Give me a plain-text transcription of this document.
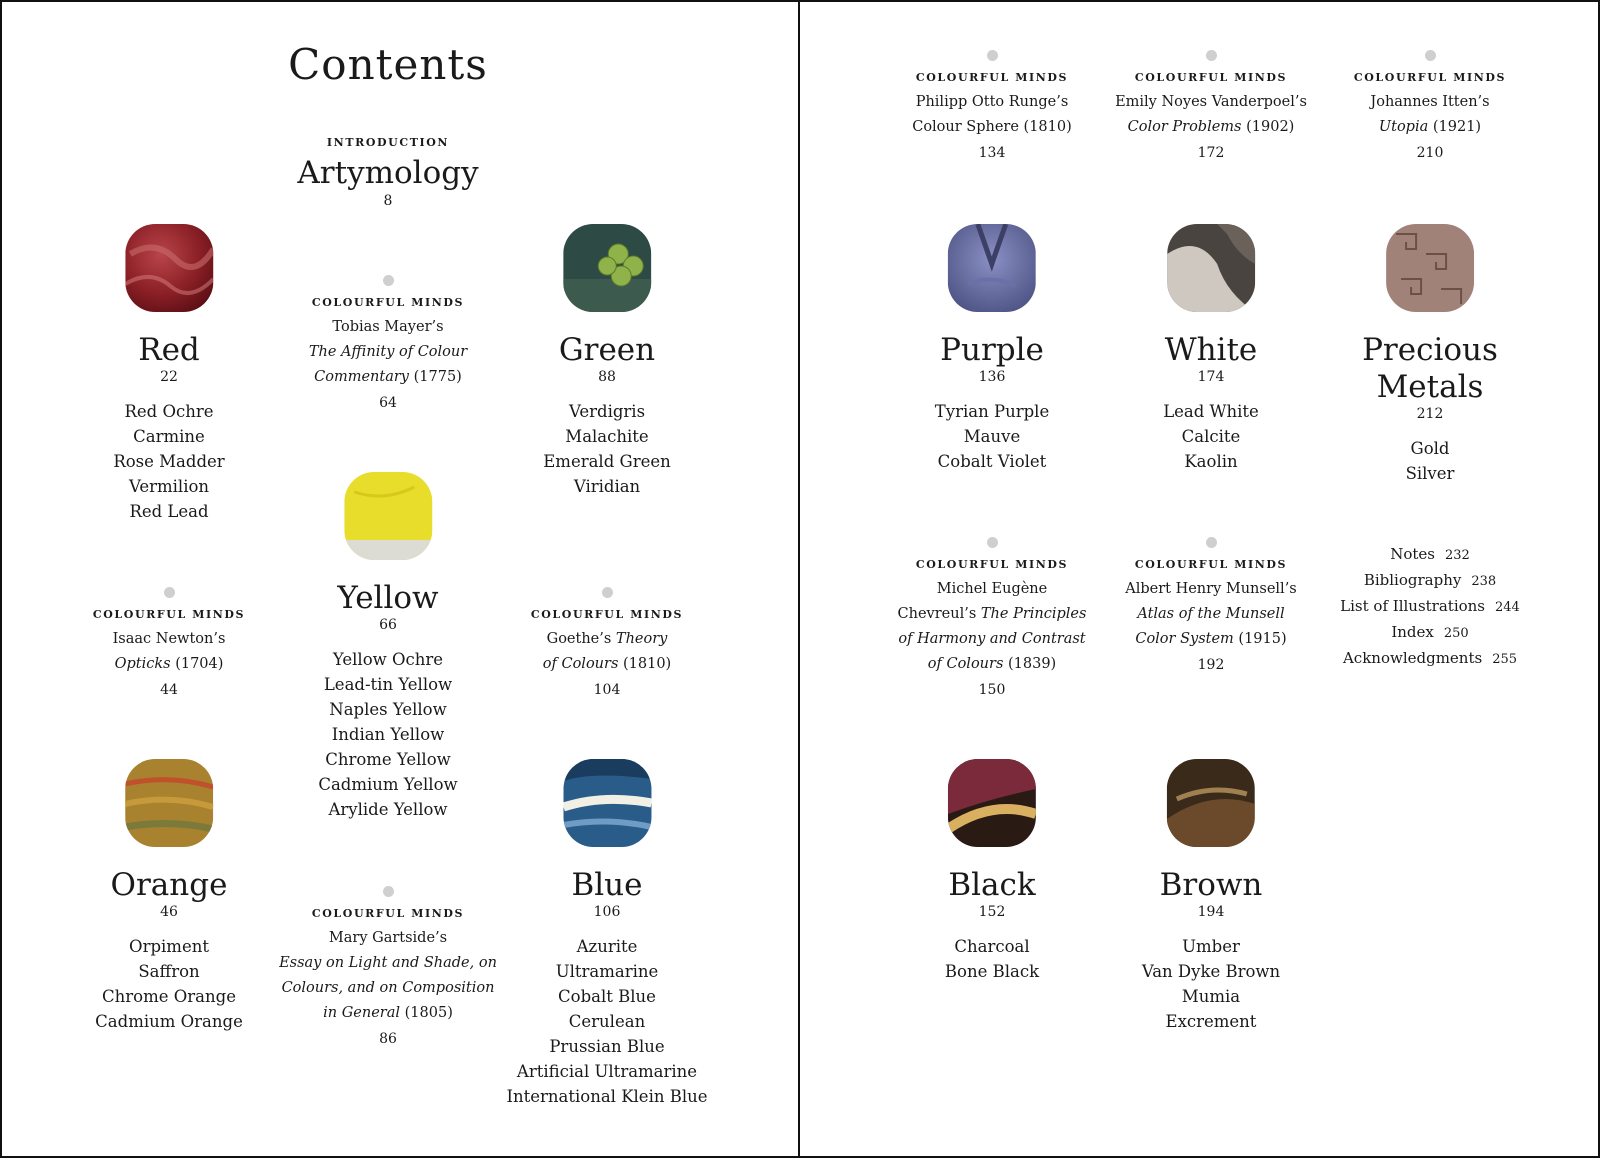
Contents
INTRODUCTION
Artymology
8
Red
22
Red Ochre
Carmine
Rose Madder
Vermilion
Red Lead
Green
88
Verdigris
Malachite
Emerald Green
Viridian
COLOURFUL MINDS
Tobias Mayer’s
The Affinity of Colour
Commentary (1775)
64
Yellow
66
Yellow Ochre
Lead-tin Yellow
Naples Yellow
Indian Yellow
Chrome Yellow
Cadmium Yellow
Arylide Yellow
COLOURFUL MINDS
Isaac Newton’s
Opticks (1704)
44
COLOURFUL MINDS
Goethe’s Theory
of Colours (1810)
104
Orange
46
Orpiment
Saffron
Chrome Orange
Cadmium Orange
COLOURFUL MINDS
Mary Gartside’s
Essay on Light and Shade, on
Colours, and on Composition
in General (1805)
86
Blue
106
Azurite
Ultramarine
Cobalt Blue
Cerulean
Prussian Blue
Artificial Ultramarine
International Klein Blue
COLOURFUL MINDS
Philipp Otto Runge’s
Colour Sphere (1810)
134
COLOURFUL MINDS
Emily Noyes Vanderpoel’s
Color Problems (1902)
172
COLOURFUL MINDS
Johannes Itten’s
Utopia (1921)
210
Purple
136
Tyrian Purple
Mauve
Cobalt Violet
White
174
Lead White
Calcite
Kaolin
Precious
Metals
212
Gold
Silver
COLOURFUL MINDS
Michel Eugène
Chevreul’s The Principles
of Harmony and Contrast
of Colours (1839)
150
COLOURFUL MINDS
Albert Henry Munsell’s
Atlas of the Munsell
Color System (1915)
192
Notes 232
Bibliography 238
List of Illustrations 244
Index 250
Acknowledgments 255
Black
152
Charcoal
Bone Black
Brown
194
Umber
Van Dyke Brown
Mumia
Excrement
